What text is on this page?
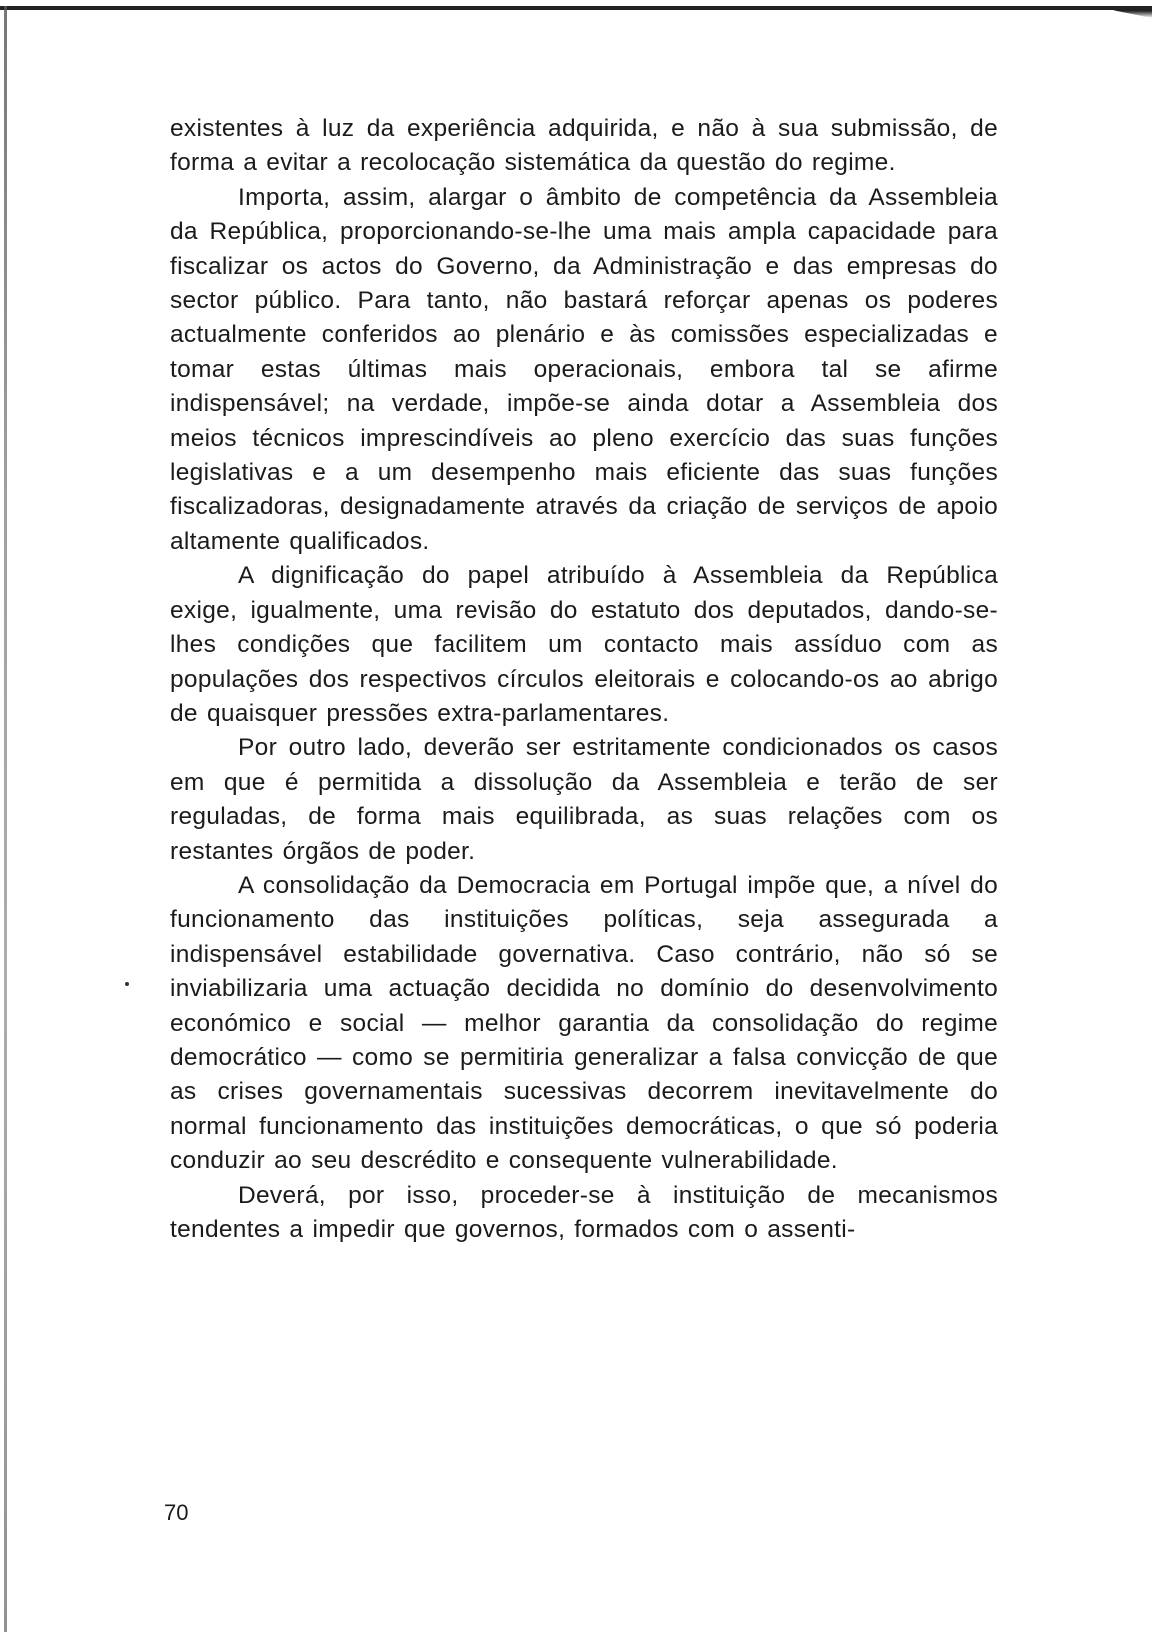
existentes à luz da experiência adquirida, e não à sua submissão, de forma a evitar a recolocação sistemática da questão do regime.

Importa, assim, alargar o âmbito de competência da Assembleia da República, proporcionando-se-lhe uma mais ampla capacidade para fiscalizar os actos do Governo, da Administração e das empresas do sector público. Para tanto, não bastará reforçar apenas os poderes actualmente conferidos ao plenário e às comissões especializadas e tomar estas últimas mais operacionais, embora tal se afirme indispensável; na verdade, impõe-se ainda dotar a Assembleia dos meios técnicos imprescindíveis ao pleno exercício das suas funções legislativas e a um desempenho mais eficiente das suas funções fiscalizadoras, designadamente através da criação de serviços de apoio altamente qualificados.

A dignificação do papel atribuído à Assembleia da República exige, igualmente, uma revisão do estatuto dos deputados, dando-se-lhes condições que facilitem um contacto mais assíduo com as populações dos respectivos círculos eleitorais e colocando-os ao abrigo de quaisquer pressões extra-parlamentares.

Por outro lado, deverão ser estritamente condicionados os casos em que é permitida a dissolução da Assembleia e terão de ser reguladas, de forma mais equilibrada, as suas relações com os restantes órgãos de poder.

A consolidação da Democracia em Portugal impõe que, a nível do funcionamento das instituições políticas, seja assegurada a indispensável estabilidade governativa. Caso contrário, não só se inviabilizaria uma actuação decidida no domínio do desenvolvimento económico e social — melhor garantia da consolidação do regime democrático — como se permitiria generalizar a falsa convicção de que as crises governamentais sucessivas decorrem inevitavelmente do normal funcionamento das instituições democráticas, o que só poderia conduzir ao seu descrédito e consequente vulnerabilidade.

Deverá, por isso, proceder-se à instituição de mecanismos tendentes a impedir que governos, formados com o assenti-

70
